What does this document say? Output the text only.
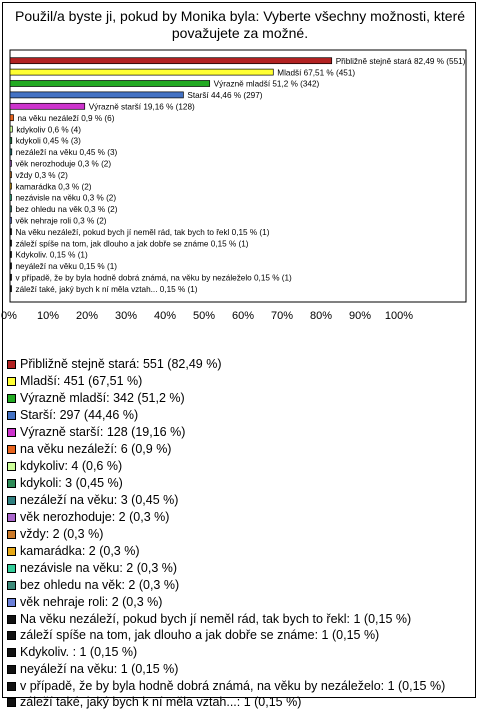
Použil/a byste ji, pokud by Monika byla: Vyberte všechny možnosti, které považujete za možné.
Přibližně stejně stará 82,49 % (551)
Mladší 67,51 % (451)
Výrazně mladší 51,2 % (342)
Starší 44,46 % (297)
Výrazně starší 19,16 % (128)
na věku nezáleží 0,9 % (6)
kdykoliv 0,6 % (4)
kdykoli 0,45 % (3)
nezáleží na věku 0,45 % (3)
věk nerozhoduje 0,3 % (2)
vždy 0,3 % (2)
kamarádka 0,3 % (2)
nezávisle na věku 0,3 % (2)
bez ohledu na věk 0,3 % (2)
věk nehraje roli 0,3 % (2)
Na věku nezáleží, pokud bych jí neměl rád, tak bych to řekl 0,15 % (1)
záleží spíše na tom, jak dlouho a jak dobře se známe 0,15 % (1)
Kdykoliv. 0,15 % (1)
neyáleží na věku 0,15 % (1)
v případě, že by byla hodně dobrá známá, na věku by nezáleželo 0,15 % (1)
záleží také, jaký bych k ní měla vztah... 0,15 % (1)
0% 10% 20% 30% 40% 50% 60% 70% 80% 90% 100%
Přibližně stejně stará: 551 (82,49 %)
Mladší: 451 (67,51 %)
Výrazně mladší: 342 (51,2 %)
Starší: 297 (44,46 %)
Výrazně starší: 128 (19,16 %)
na věku nezáleží: 6 (0,9 %)
kdykoliv: 4 (0,6 %)
kdykoli: 3 (0,45 %)
nezáleží na věku: 3 (0,45 %)
věk nerozhoduje: 2 (0,3 %)
vždy: 2 (0,3 %)
kamarádka: 2 (0,3 %)
nezávisle na věku: 2 (0,3 %)
bez ohledu na věk: 2 (0,3 %)
věk nehraje roli: 2 (0,3 %)
Na věku nezáleží, pokud bych jí neměl rád, tak bych to řekl: 1 (0,15 %)
záleží spíše na tom, jak dlouho a jak dobře se známe: 1 (0,15 %)
Kdykoliv. : 1 (0,15 %)
neyáleží na věku: 1 (0,15 %)
v případě, že by byla hodně dobrá známá, na věku by nezáleželo: 1 (0,15 %)
záleží také, jaký bych k ní měla vztah...: 1 (0,15 %)
